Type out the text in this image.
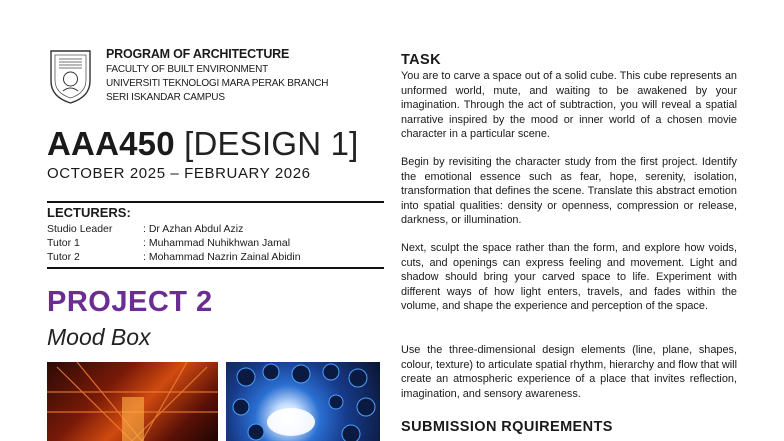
PROGRAM OF ARCHITECTURE
FACULTY OF BUILT ENVIRONMENT
UNIVERSITI TEKNOLOGI MARA PERAK BRANCH
SERI ISKANDAR CAMPUS
AAA450 [DESIGN 1]
OCTOBER 2025 – FEBRUARY 2026
LECTURERS:
Studio Leader	: Dr Azhan Abdul Aziz
Tutor 1	: Muhammad Nuhikhwan Jamal
Tutor 2	: Mohammad Nazrin Zainal Abidin
PROJECT 2
Mood Box
TASK

You are to carve a space out of a solid cube. This cube represents an unformed world, mute, and waiting to be awakened by your imagination. Through the act of subtraction, you will reveal a spatial narrative inspired by the mood or inner world of a chosen movie character in a particular scene.

Begin by revisiting the character study from the first project. Identify the emotional essence such as fear, hope, serenity, isolation, transformation that defines the scene. Translate this abstract emotion into spatial qualities: density or openness, compression or release, darkness, or illumination.

Next, sculpt the space rather than the form, and explore how voids, cuts, and openings can express feeling and movement. Light and shadow should bring your carved space to life. Experiment with different ways of how light enters, travels, and fades within the volume, and shape the experience and perception of the space.

Use the three-dimensional design elements (line, plane, shapes, colour, texture) to articulate spatial rhythm, hierarchy and flow that will create an atmospheric experience of a place that invites reflection, imagination, and sensory awareness.

SUBMISSION RQUIREMENTS
